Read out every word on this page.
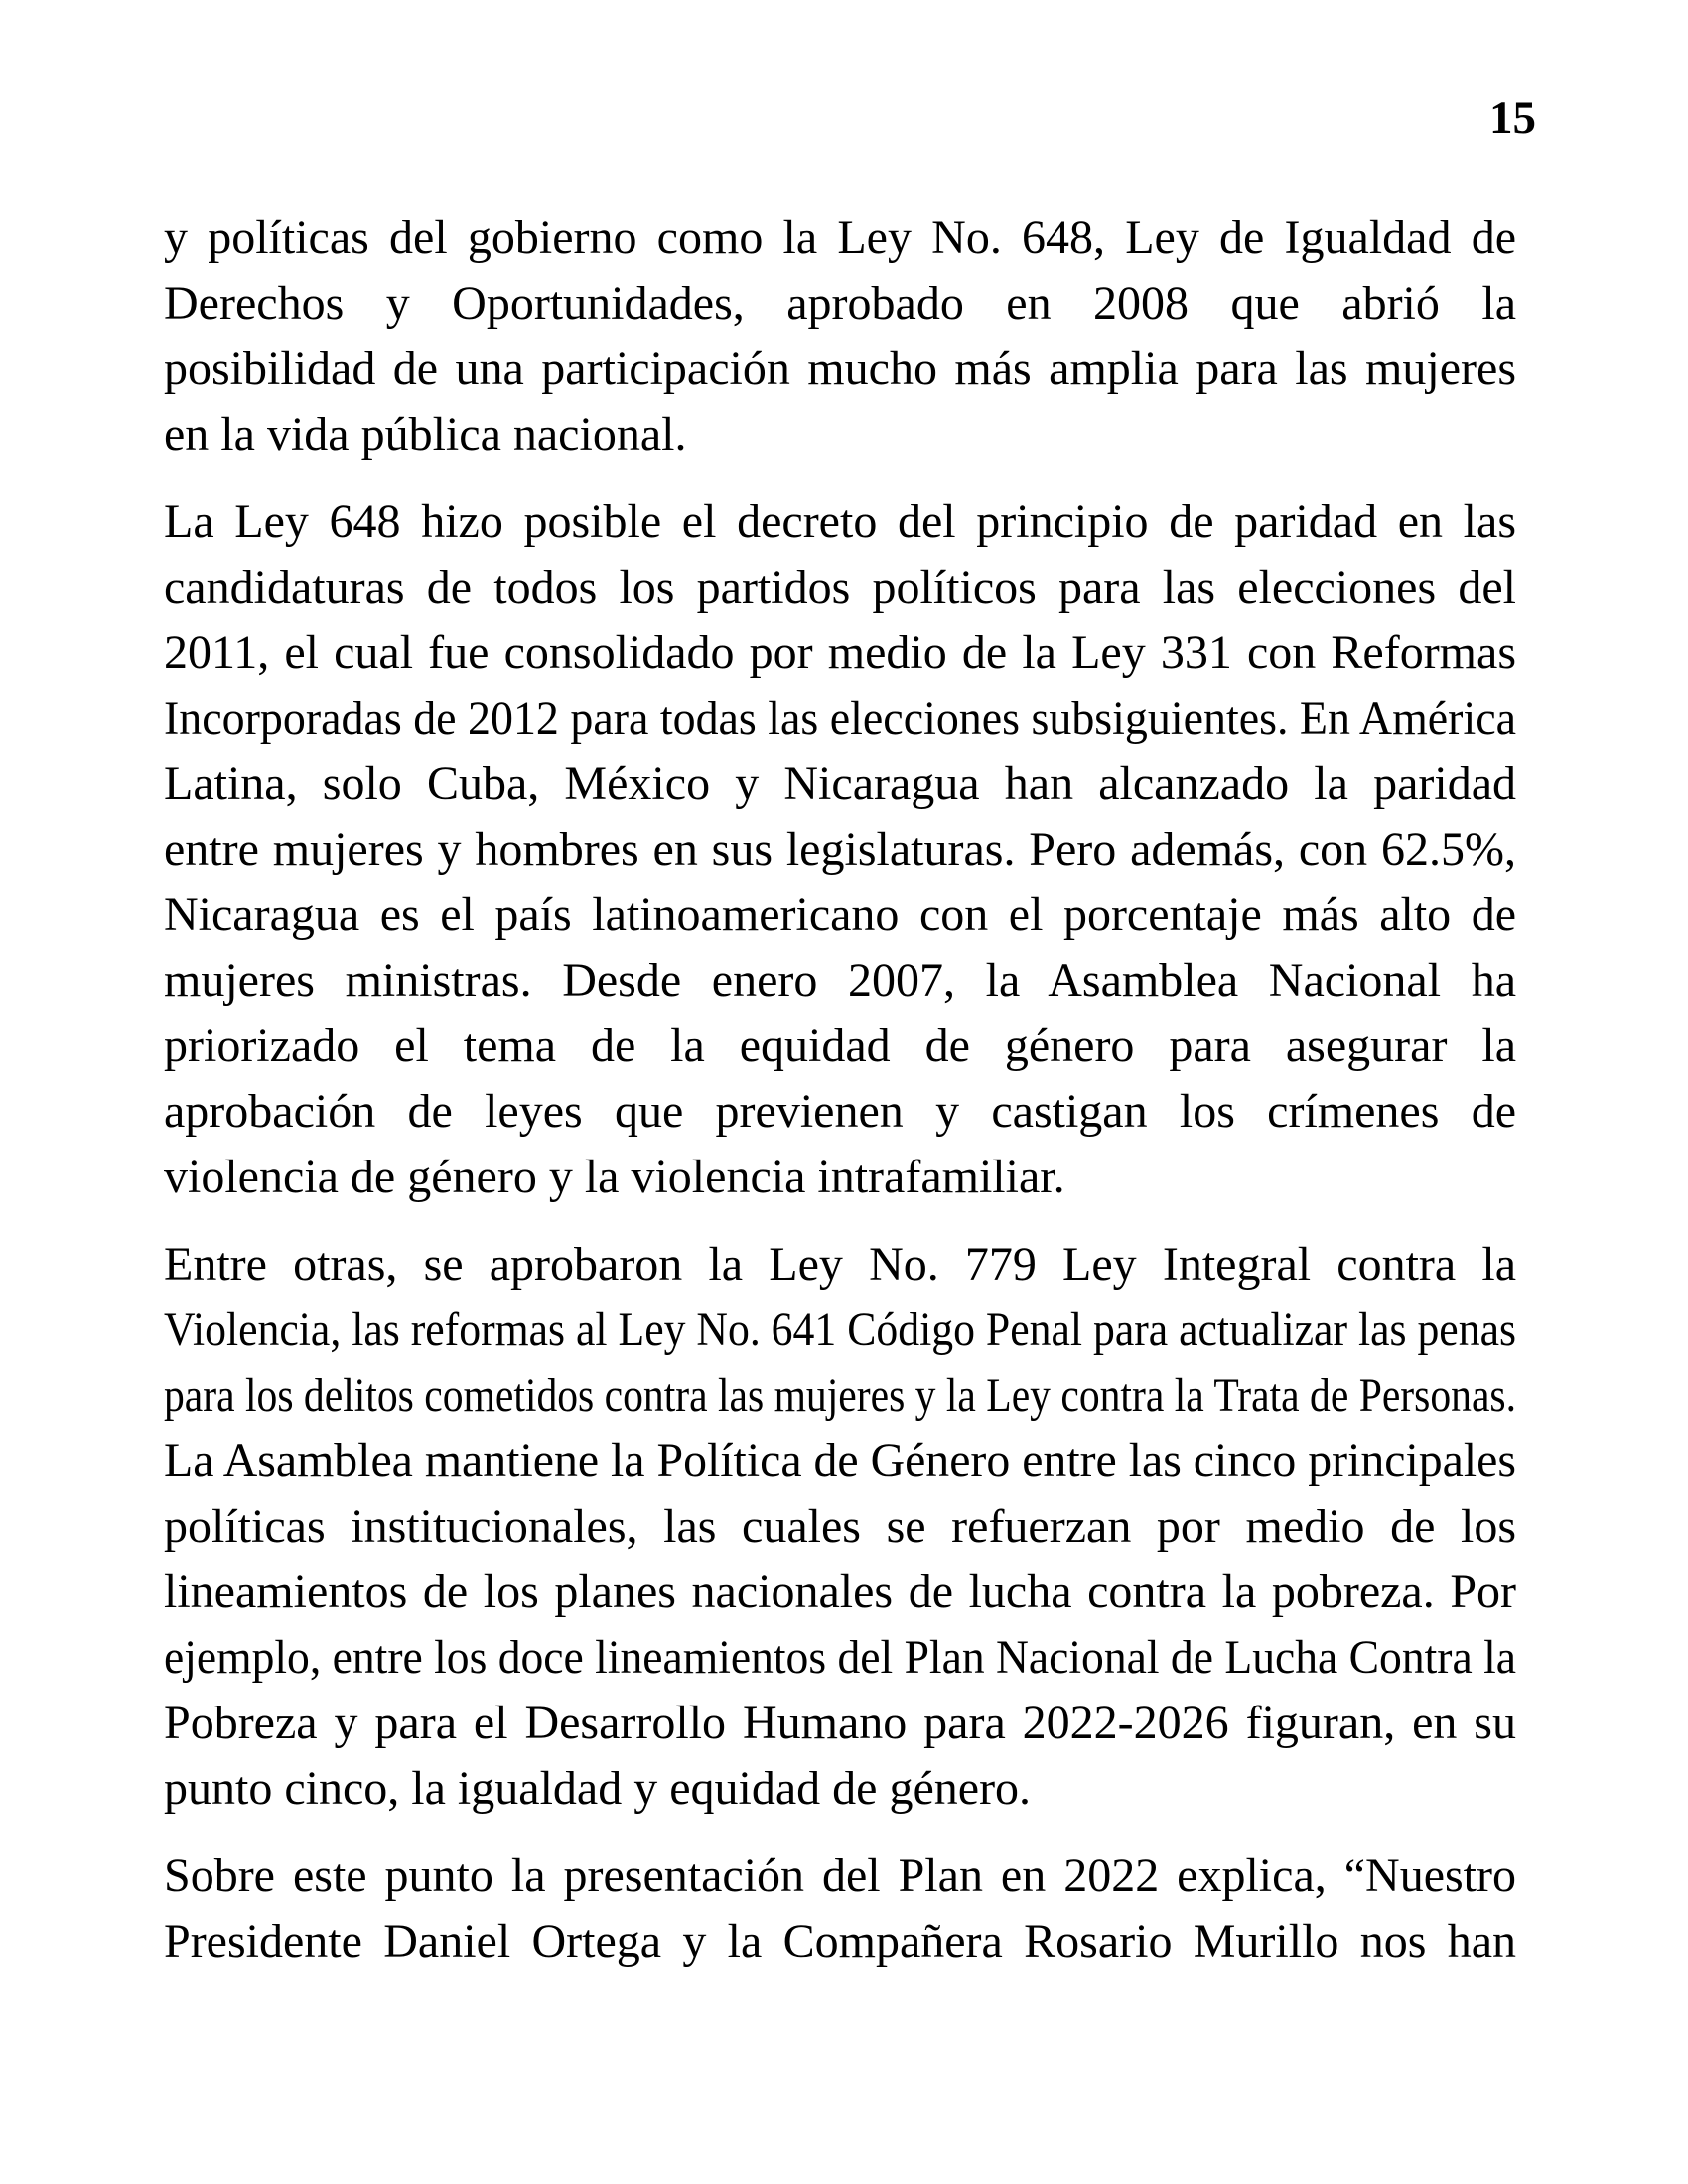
15
y políticas del gobierno como la Ley No. 648, Ley de Igualdad de
Derechos y Oportunidades, aprobado en 2008 que abrió la
posibilidad de una participación mucho más amplia para las mujeres
en la vida pública nacional.
La Ley 648 hizo posible el decreto del principio de paridad en las
candidaturas de todos los partidos políticos para las elecciones del
2011, el cual fue consolidado por medio de la Ley 331 con Reformas
Incorporadas de 2012 para todas las elecciones subsiguientes. En América
Latina, solo Cuba, México y Nicaragua han alcanzado la paridad
entre mujeres y hombres en sus legislaturas. Pero además, con 62.5%,
Nicaragua es el país latinoamericano con el porcentaje más alto de
mujeres ministras. Desde enero 2007, la Asamblea Nacional ha
priorizado el tema de la equidad de género para asegurar la
aprobación de leyes que previenen y castigan los crímenes de
violencia de género y la violencia intrafamiliar.
Entre otras, se aprobaron la Ley No. 779 Ley Integral contra la
Violencia, las reformas al Ley No. 641 Código Penal para actualizar las penas
para los delitos cometidos contra las mujeres y la Ley contra la Trata de Personas.
La Asamblea mantiene la Política de Género entre las cinco principales
políticas institucionales, las cuales se refuerzan por medio de los
lineamientos de los planes nacionales de lucha contra la pobreza. Por
ejemplo, entre los doce lineamientos del Plan Nacional de Lucha Contra la
Pobreza y para el Desarrollo Humano para 2022-2026 figuran, en su
punto cinco, la igualdad y equidad de género.
Sobre este punto la presentación del Plan en 2022 explica, “Nuestro
Presidente Daniel Ortega y la Compañera Rosario Murillo nos han
